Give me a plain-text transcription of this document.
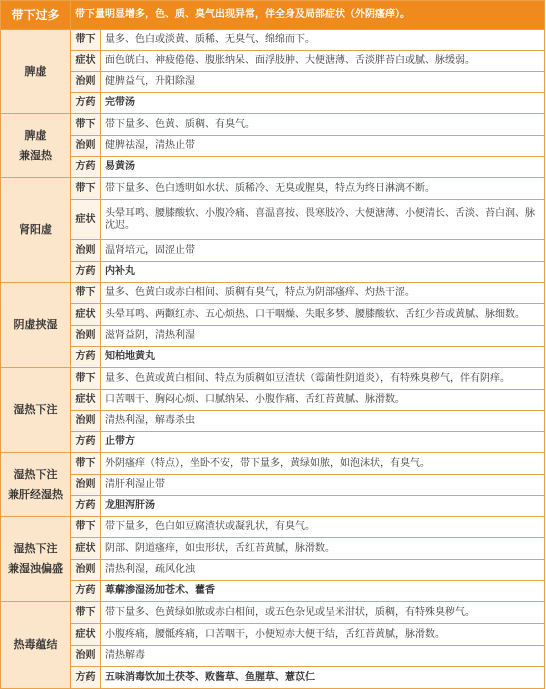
带下过多	带下量明显增多，色、质、臭气出现异常，伴全身及局部症状（外阴瘙痒）。	

脾虚	带下	量多、色白或淡黄、质稀、无臭气、绵绵而下。
	症状	面色㿠白、神疲倦倦、腹胀纳呆、面浮肢肿、大便溏薄、舌淡胖苔白或腻、脉缓弱。
	治则	健脾益气，升阳除湿
	方药	完带汤

脾虚
兼湿热	带下	带下量多、色黄、质稠、有臭气。
	治则	健脾祛湿，清热止带
	方药	易黄汤

肾阳虚	带下	带下量多、色白透明如水状、质稀冷、无臭或腥臭，特点为终日淋漓不断。
	症状	头晕耳鸣、腰膝酸软、小腹冷痛、喜温喜按、畏寒肢冷、大便溏薄、小便清长、舌淡、苔白润、脉沈迟。
	治则	温肾培元，固涩止带
	方药	内补丸

阴虚挟湿	带下	量多、色黄白或赤白相间、质稠有臭气，特点为阴部瘙痒、灼热干涩。
	症状	头晕耳鸣、两颧红赤、五心烦热、口干咽燥、失眠多梦、腰膝酸软、舌红少苔或黄腻、脉细数。
	治则	滋肾益阴，清热利湿
	方药	知柏地黄丸

湿热下注	带下	量多、色黄或黄白相间、特点为质稠如豆渣状（霉菌性阴道炎），有特殊臭秽气，伴有阴痒。
	症状	口苦咽干、胸闷心烦、口腻纳呆、小腹作痛、舌红苔黄腻、脉滑数。
	治则	清热利湿，解毒杀虫
	方药	止带方

湿热下注
兼肝经湿热	带下	外阴瘙痒（特点），坐卧不安，带下量多，黄绿如脓，如泡沫状，有臭气。
	治则	清肝利湿止带
	方药	龙胆泻肝汤

湿热下注
兼湿浊偏盛	带下	带下量多，色白如豆腐渣状或凝乳状，有臭气。
	症状	阴部、阴道瘙痒，如虫形状，舌红苔黄腻，脉滑数。
	治则	清热利湿，疏风化浊
	方药	萆薢渗湿汤加苍术、藿香

热毒蕴结	带下	带下量多、色黄绿如脓或赤白相间，或五色杂见或呈米泔状，质稠，有特殊臭秽气。
	症状	小腹疼痛，腰骶疼痛，口苦咽干，小便短赤大便干结，舌红苔黄腻，脉滑数。
	治则	清热解毒
	方药	五味消毒饮加土茯苓、败酱草、鱼腥草、薏苡仁
